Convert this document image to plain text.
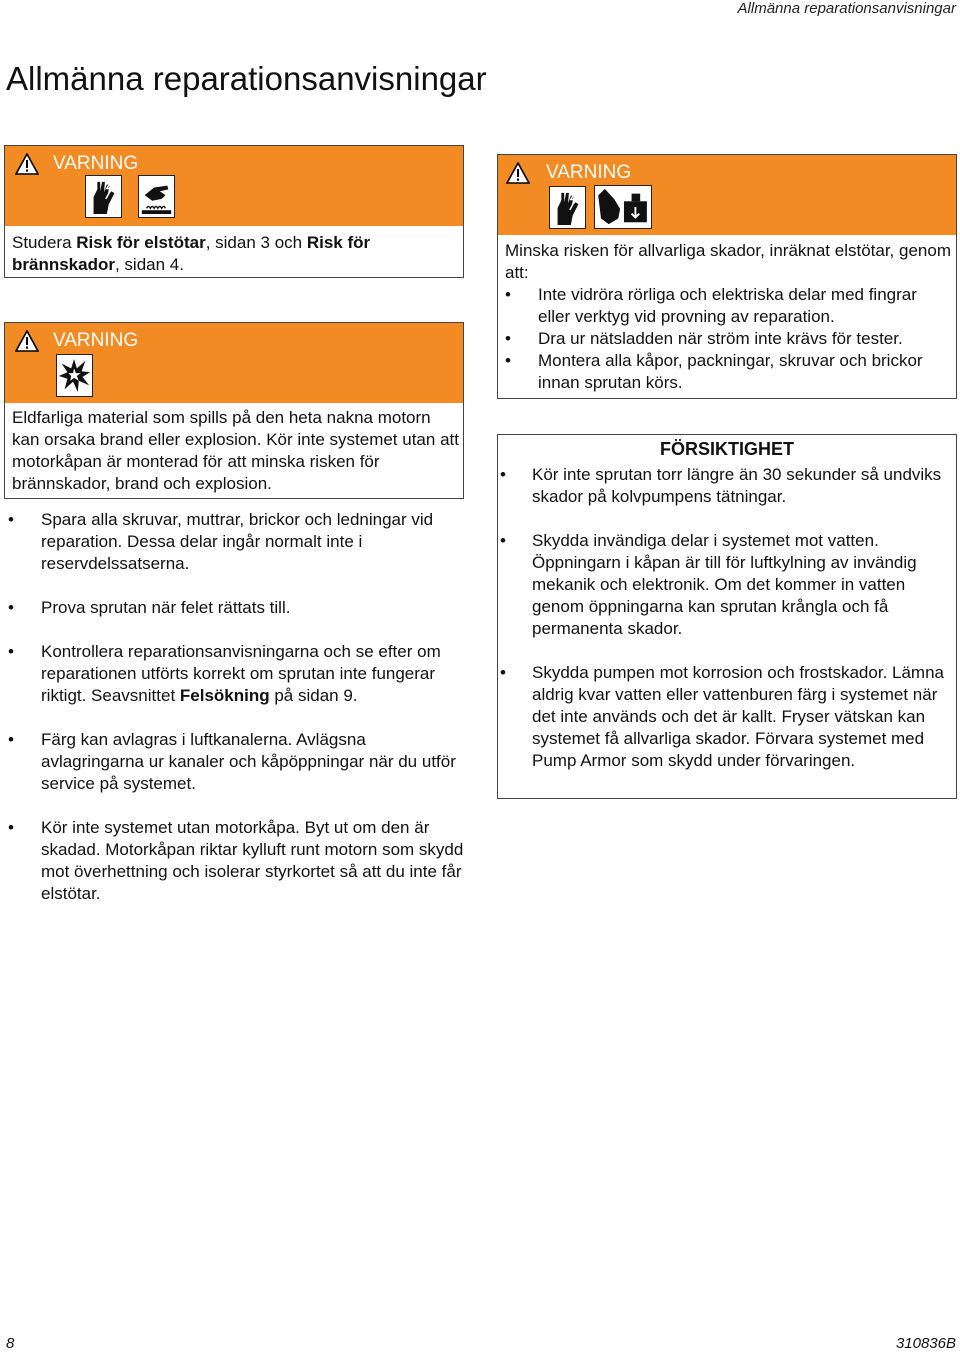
Allmänna reparationsanvisningar
Allmänna reparationsanvisningar
VARNING

Studera Risk för elstötar, sidan 3 och Risk för brännskador, sidan 4.

VARNING

Eldfarliga material som spills på den heta nakna motorn kan orsaka brand eller explosion. Kör inte systemet utan att motorkåpan är monterad för att minska risken för brännskador, brand och explosion.

• Spara alla skruvar, muttrar, brickor och ledningar vid reparation. Dessa delar ingår normalt inte i reservdelssatserna.
• Prova sprutan när felet rättats till.
• Kontrollera reparationsanvisningarna och se efter om reparationen utförts korrekt om sprutan inte fungerar riktigt. Seavsnittet Felsökning på sidan 9.
• Färg kan avlagras i luftkanalerna. Avlägsna avlagringarna ur kanaler och kåpöppningar när du utför service på systemet.
• Kör inte systemet utan motorkåpa. Byt ut om den är skadad. Motorkåpan riktar kylluft runt motorn som skydd mot överhettning och isolerar styrkortet så att du inte får elstötar.
VARNING

Minska risken för allvarliga skador, inräknat elstötar, genom att:

• Inte vidröra rörliga och elektriska delar med fingrar eller verktyg vid provning av reparation.
• Dra ur nätsladden när ström inte krävs för tester.
• Montera alla kåpor, packningar, skruvar och brickor innan sprutan körs.
FÖRSIKTIGHET
• Kör inte sprutan torr längre än 30 sekunder så undviks skador på kolvpumpens tätningar.
• Skydda invändiga delar i systemet mot vatten. Öppningarn i kåpan är till för luftkylning av invändig mekanik och elektronik. Om det kommer in vatten genom öppningarna kan sprutan krångla och få permanenta skador.
• Skydda pumpen mot korrosion och frostskador. Lämna aldrig kvar vatten eller vattenburen färg i systemet när det inte används och det är kallt. Fryser vätskan kan systemet få allvarliga skador. Förvara systemet med Pump Armor som skydd under förvaringen.
8	310836B
